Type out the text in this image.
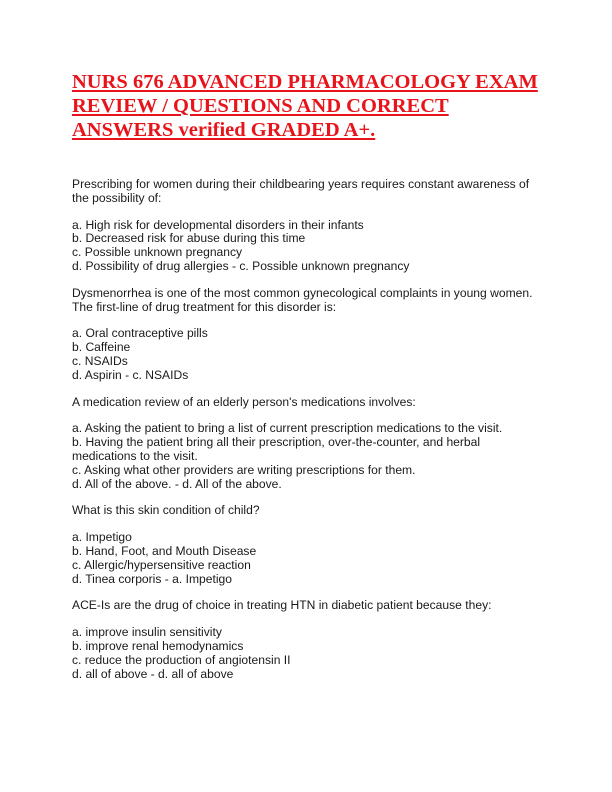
NURS 676 ADVANCED PHARMACOLOGY EXAM REVIEW / QUESTIONS AND CORRECT ANSWERS verified GRADED A+.

Prescribing for women during their childbearing years requires constant awareness of the possibility of:

a. High risk for developmental disorders in their infants
b. Decreased risk for abuse during this time
c. Possible unknown pregnancy
d. Possibility of drug allergies - c. Possible unknown pregnancy

Dysmenorrhea is one of the most common gynecological complaints in young women. The first-line of drug treatment for this disorder is:

a. Oral contraceptive pills
b. Caffeine
c. NSAIDs
d. Aspirin - c. NSAIDs

A medication review of an elderly person's medications involves:

a. Asking the patient to bring a list of current prescription medications to the visit.
b. Having the patient bring all their prescription, over-the-counter, and herbal medications to the visit.
c. Asking what other providers are writing prescriptions for them.
d. All of the above. - d. All of the above.

What is this skin condition of child?

a. Impetigo
b. Hand, Foot, and Mouth Disease
c. Allergic/hypersensitive reaction
d. Tinea corporis - a. Impetigo

ACE-Is are the drug of choice in treating HTN in diabetic patient because they:

a. improve insulin sensitivity
b. improve renal hemodynamics
c. reduce the production of angiotensin II
d. all of above - d. all of above
